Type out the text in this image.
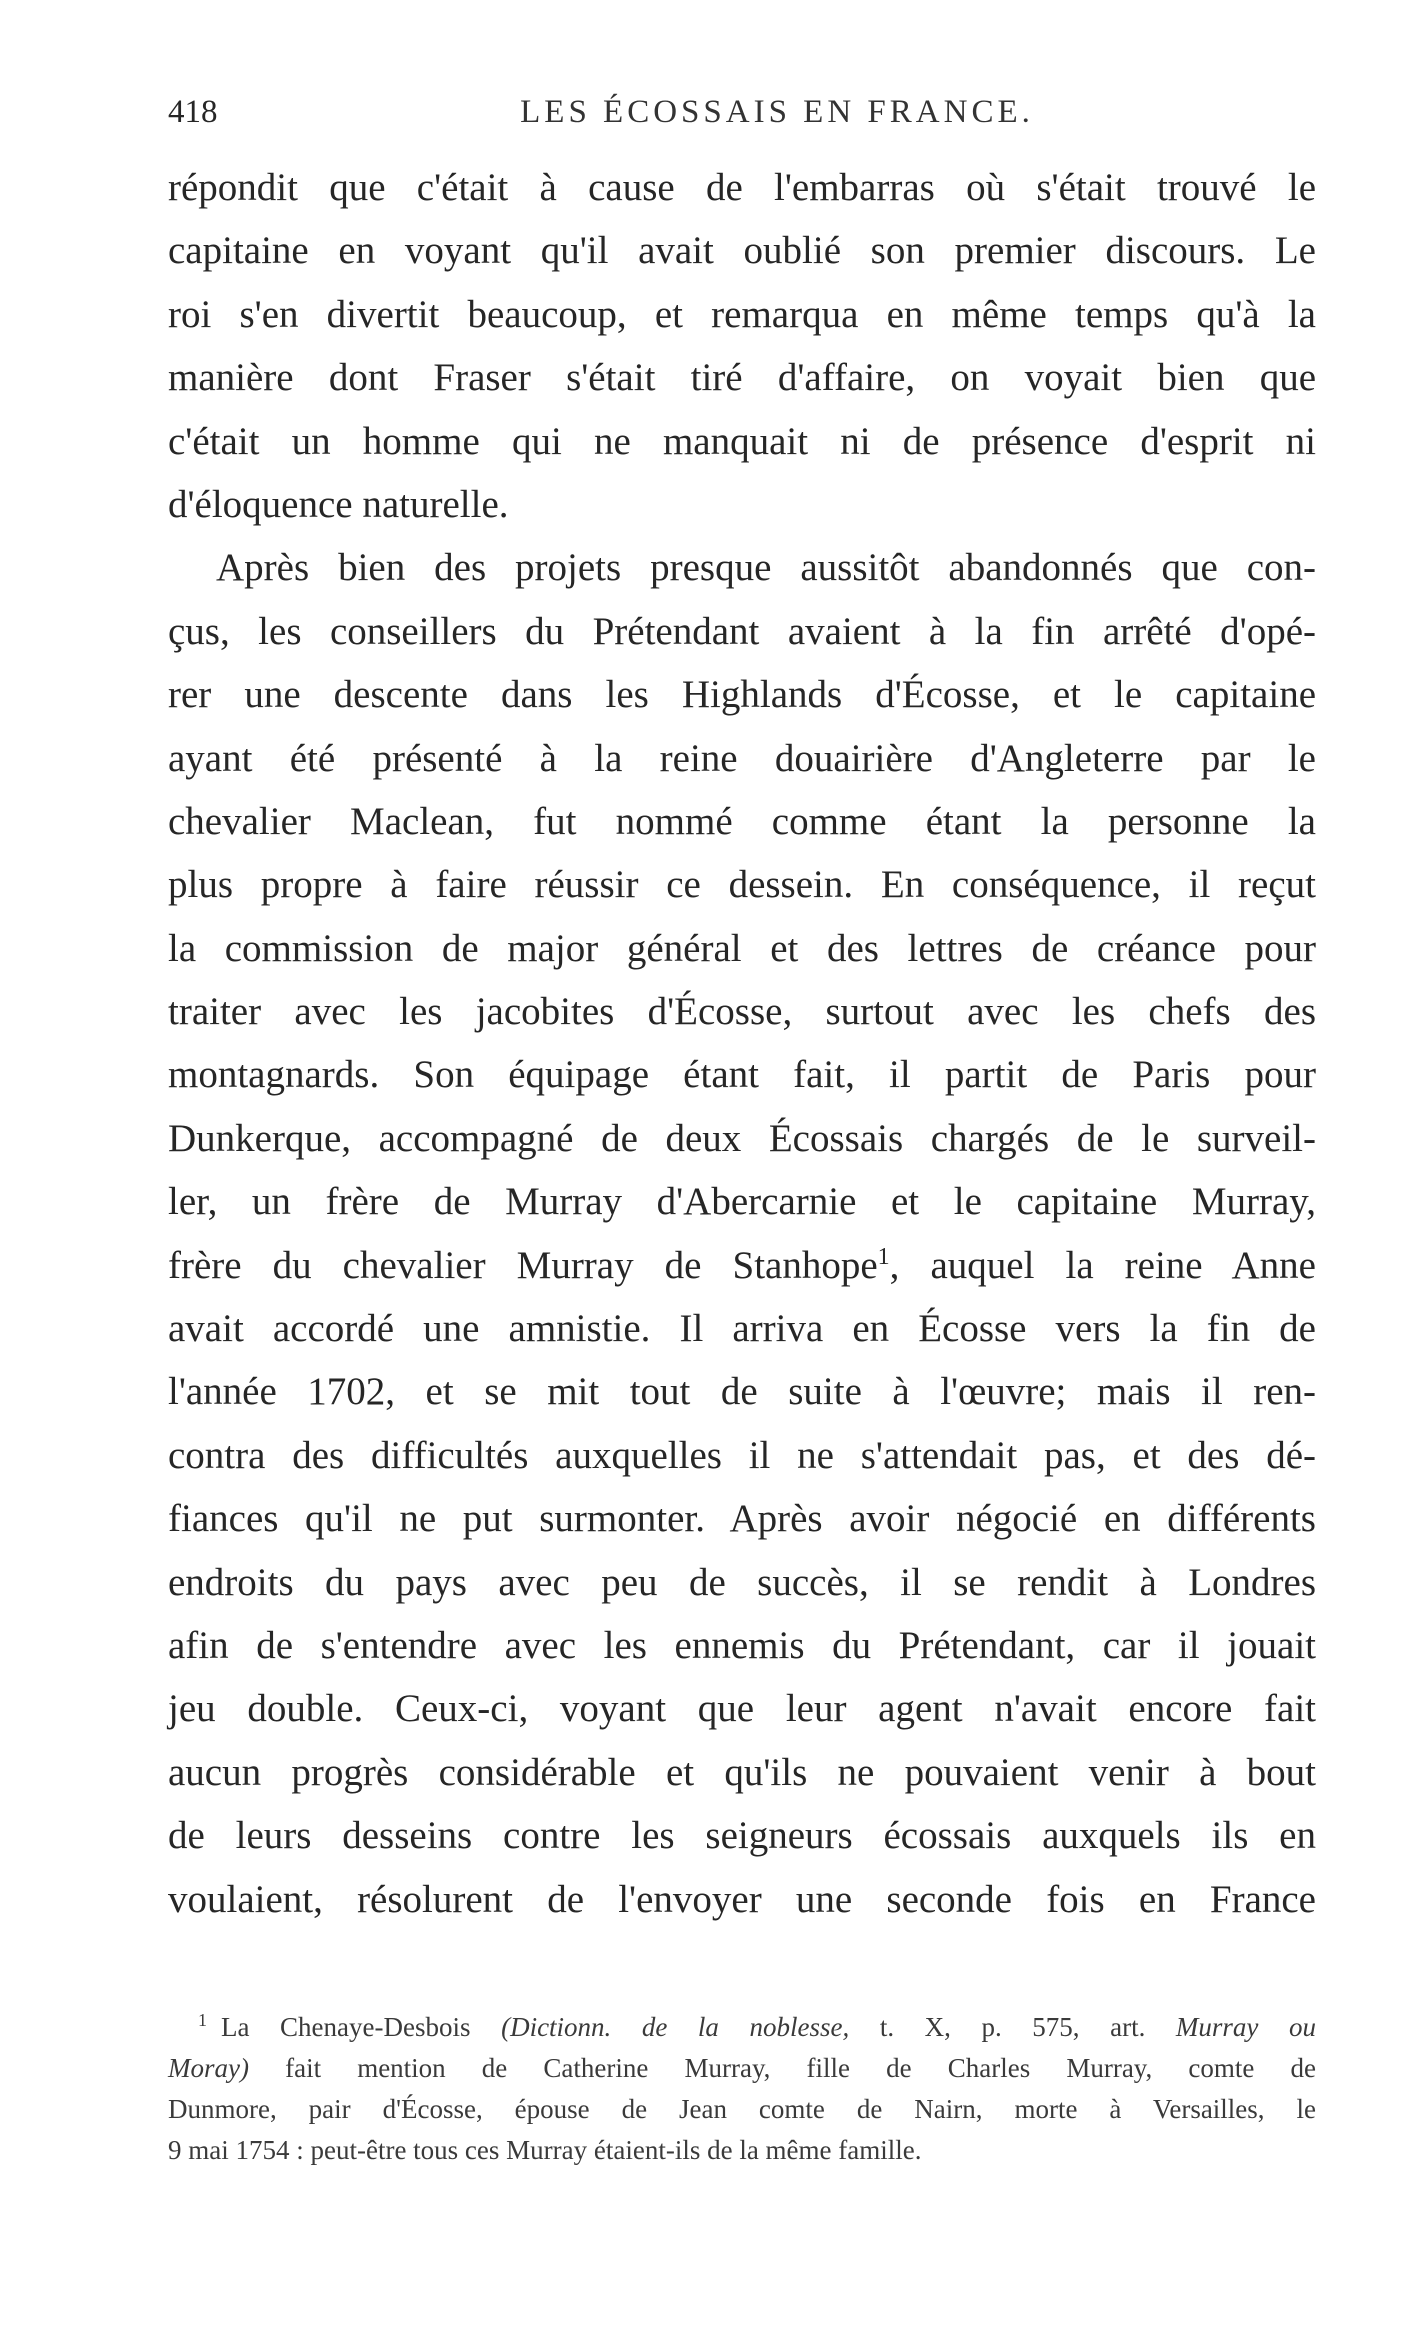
418	LES ÉCOSSAIS EN FRANCE.
répondit que c'était à cause de l'embarras où s'était trouvé le
capitaine en voyant qu'il avait oublié son premier discours. Le
roi s'en divertit beaucoup, et remarqua en même temps qu'à la
manière dont Fraser s'était tiré d'affaire, on voyait bien que
c'était un homme qui ne manquait ni de présence d'esprit ni
d'éloquence naturelle.
Après bien des projets presque aussitôt abandonnés que con-
çus, les conseillers du Prétendant avaient à la fin arrêté d'opé-
rer une descente dans les Highlands d'Écosse, et le capitaine
ayant été présenté à la reine douairière d'Angleterre par le
chevalier Maclean, fut nommé comme étant la personne la
plus propre à faire réussir ce dessein. En conséquence, il reçut
la commission de major général et des lettres de créance pour
traiter avec les jacobites d'Écosse, surtout avec les chefs des
montagnards. Son équipage étant fait, il partit de Paris pour
Dunkerque, accompagné de deux Écossais chargés de le surveil-
ler, un frère de Murray d'Abercarnie et le capitaine Murray,
frère du chevalier Murray de Stanhope$^1$, auquel la reine Anne
avait accordé une amnistie. Il arriva en Écosse vers la fin de
l'année 1702, et se mit tout de suite à l'œuvre; mais il ren-
contra des difficultés auxquelles il ne s'attendait pas, et des dé-
fiances qu'il ne put surmonter. Après avoir négocié en différents
endroits du pays avec peu de succès, il se rendit à Londres
afin de s'entendre avec les ennemis du Prétendant, car il jouait
jeu double. Ceux-ci, voyant que leur agent n'avait encore fait
aucun progrès considérable et qu'ils ne pouvaient venir à bout
de leurs desseins contre les seigneurs écossais auxquels ils en
voulaient, résolurent de l'envoyer une seconde fois en France
$^1$ La Chenaye-Desbois (Dictionn. de la noblesse, t. X, p. 575, art. Murray ou
Moray) fait mention de Catherine Murray, fille de Charles Murray, comte de
Dunmore, pair d'Écosse, épouse de Jean comte de Nairn, morte à Versailles, le
9 mai 1754 : peut-être tous ces Murray étaient-ils de la même famille.
